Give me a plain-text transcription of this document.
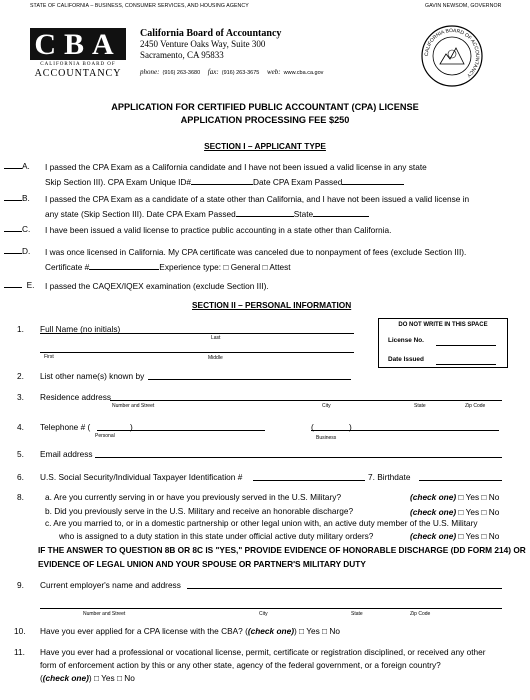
STATE OF CALIFORNIA – BUSINESS, CONSUMER SERVICES, AND HOUSING AGENCY	GAVIN NEWSOM, GOVERNOR
CBA
CALIFORNIA BOARD OF
ACCOUNTANCY
California Board of Accountancy
2450 Venture Oaks Way, Suite 300
Sacramento, CA 95833
phone: (916) 263-3680 fax: (916) 263-3675 web: www.cba.ca.gov
CALIFORNIA BOARD OF ACCOUNTANCY
APPLICATION FOR CERTIFIED PUBLIC ACCOUNTANT (CPA) LICENSE
APPLICATION PROCESSING FEE $250
SECTION I – APPLICANT TYPE
A. I passed the CPA Exam as a California candidate and I have not been issued a valid license in any state
Skip Section III). CPA Exam Unique ID#	Date CPA Exam Passed
B. I passed the CPA Exam as a candidate of a state other than California, and I have not been issued a valid license in
any state (Skip Section III). Date CPA Exam Passed	State
C. I have been issued a valid license to practice public accounting in a state other than California.
D. I was once licensed in California. My CPA certificate was canceled due to nonpayment of fees (exclude Section III).
Certificate #	Experience type: □ General □ Attest
E. I passed the CAQEX/IQEX examination (exclude Section III).
DO NOT WRITE IN THIS SPACE
License No.
Date Issued
SECTION II – PERSONAL INFORMATION
1. Full Name (no initials)
Last
First	Middle
2. List other name(s) known by
3. Residence address
Number and Street	City	State	Zip Code
4. Telephone # (	)
Personal
(	)
Business
5. Email address
6. U.S. Social Security/Individual Taxpayer Identification #	7. Birthdate
8.	a. Are you currently serving in or have you previously served in the U.S. Military?	(check one) □ Yes □ No
b. Did you previously serve in the U.S. Military and receive an honorable discharge?	(check one) □ Yes □ No
c. Are you married to, or in a domestic partnership or other legal union with, an active duty member of the U.S. Military
who is assigned to a duty station in this state under official active duty military orders?	(check one) □ Yes □ No
IF THE ANSWER TO QUESTION 8B OR 8C IS "YES," PROVIDE EVIDENCE OF HONORABLE DISCHARGE (DD FORM 214) OR
EVIDENCE OF LEGAL UNION AND YOUR SPOUSE OR PARTNER'S MILITARY DUTY
9. Current employer's name and address
Number and Street	City	State	Zip Code
10. Have you ever applied for a CPA license with the CBA? ((check one)) □ Yes □ No
11. Have you ever had a professional or vocational license, permit, certificate or registration disciplined, or received any other
form of enforcement action by this or any other state, agency of the federal government, or a foreign country?
((check one)) □ Yes □ No
